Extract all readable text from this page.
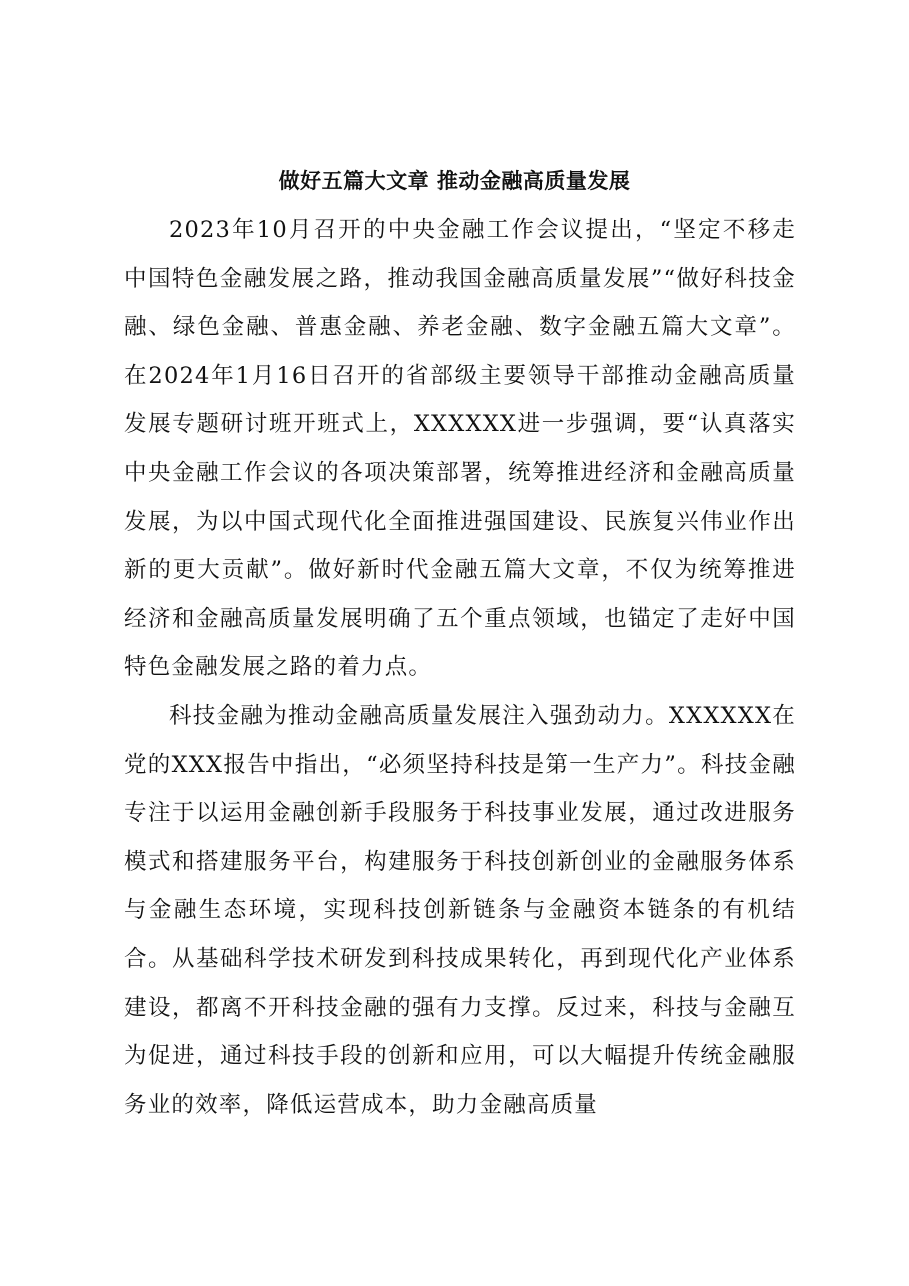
做好五篇大文章 推动金融高质量发展

2023年10月召开的中央金融工作会议提出，“坚定不移走中国特色金融发展之路，推动我国金融高质量发展”“做好科技金融、绿色金融、普惠金融、养老金融、数字金融五篇大文章”。在2024年1月16日召开的省部级主要领导干部推动金融高质量发展专题研讨班开班式上，XXXXXX进一步强调，要“认真落实中央金融工作会议的各项决策部署，统筹推进经济和金融高质量发展，为以中国式现代化全面推进强国建设、民族复兴伟业作出新的更大贡献”。做好新时代金融五篇大文章，不仅为统筹推进经济和金融高质量发展明确了五个重点领域，也锚定了走好中国特色金融发展之路的着力点。

科技金融为推动金融高质量发展注入强劲动力。XXXXXX在党的XXX报告中指出，“必须坚持科技是第一生产力”。科技金融专注于以运用金融创新手段服务于科技事业发展，通过改进服务模式和搭建服务平台，构建服务于科技创新创业的金融服务体系与金融生态环境，实现科技创新链条与金融资本链条的有机结合。从基础科学技术研发到科技成果转化，再到现代化产业体系建设，都离不开科技金融的强有力支撑。反过来，科技与金融互为促进，通过科技手段的创新和应用，可以大幅提升传统金融服务业的效率，降低运营成本，助力金融高质量
